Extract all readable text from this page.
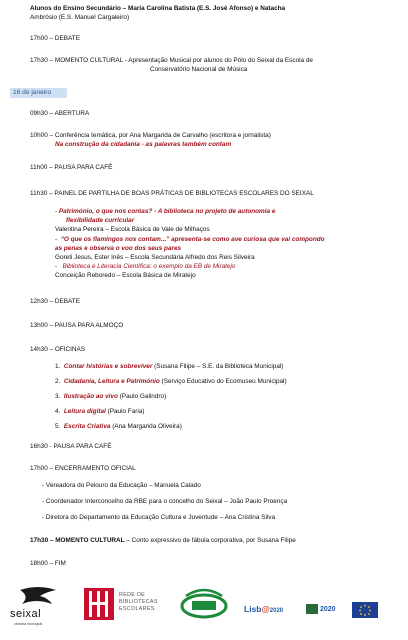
Alunos do Ensino Secundário – Maria Carolina Batista (E.S. José Afonso) e Natacha
Ambrósio (E.S. Manuel Cargaleiro)
17h00 – DEBATE
17h30 – MOMENTO CULTURAL - Apresentação Musical por alunos do Pólo do Seixal da Escola de
Conservatório Nacional de Música
16 de janeiro
09h30 – ABERTURA
10h00 – Conferência temática, por Ana Margarida de Carvalho (escritora e jornalista)
Na construção da cidadania - as palavras também contam
11h00 – PAUSA PARA CAFÉ
11h30 – PAINEL DE PARTILHA DE BOAS PRÁTICAS DE BIBLIOTECAS ESCOLARES DO SEIXAL
- Património, o que nos contas? - A biblioteca no projeto de autonomia e
flexibilidade curricular
Valentina Pereira – Escola Básica de Vale de Milhaços
-  “O que os flamingos nos contam...” apresenta-se como ave curiosa que vai compondo
as penas e observa o voo dos seus pares
Goreti Jesus, Ester Inês – Escola Secundária Alfredo dos Reis Silveira
-   Biblioteca e Literacia Científica: o exemplo da EB de Miratejo
Conceição Reboredo – Escola Básica de Miratejo
12h30 – DEBATE
13h00 – PAUSA PARA ALMOÇO
14h30 – OFICINAS
1. Contar histórias e sobreviver (Susana Filipe – S.E. da Biblioteca Municipal)
2. Cidadania, Leitura e Património (Serviço Educativo do Ecomuseu Municipal)
3. Ilustração ao vivo (Paulo Galindro)
4. Leitura digital (Paulo Faria)
5. Escrita Criativa (Ana Margarida Oliveira)
16h30 - PAUSA PARA CAFÉ
17h00 – ENCERRAMENTO OFICIAL
- Vereadora do Pelouro da Educação – Manuela Calado
- Coordenador Interconcelho da RBE para o concelho do Seixal – João Paulo Proença
- Diretora do Departamento da Educação Cultura e Juventude – Ana Cristina Silva
17h30 – MOMENTO CULTURAL – Conto expressivo de fábula corporativa, por Susana Filipe
18h00 – FIM
seixal
câmara municipal
REDE DE
BIBLIOTECAS
ESCOLARES	Lisb@2020	2020
